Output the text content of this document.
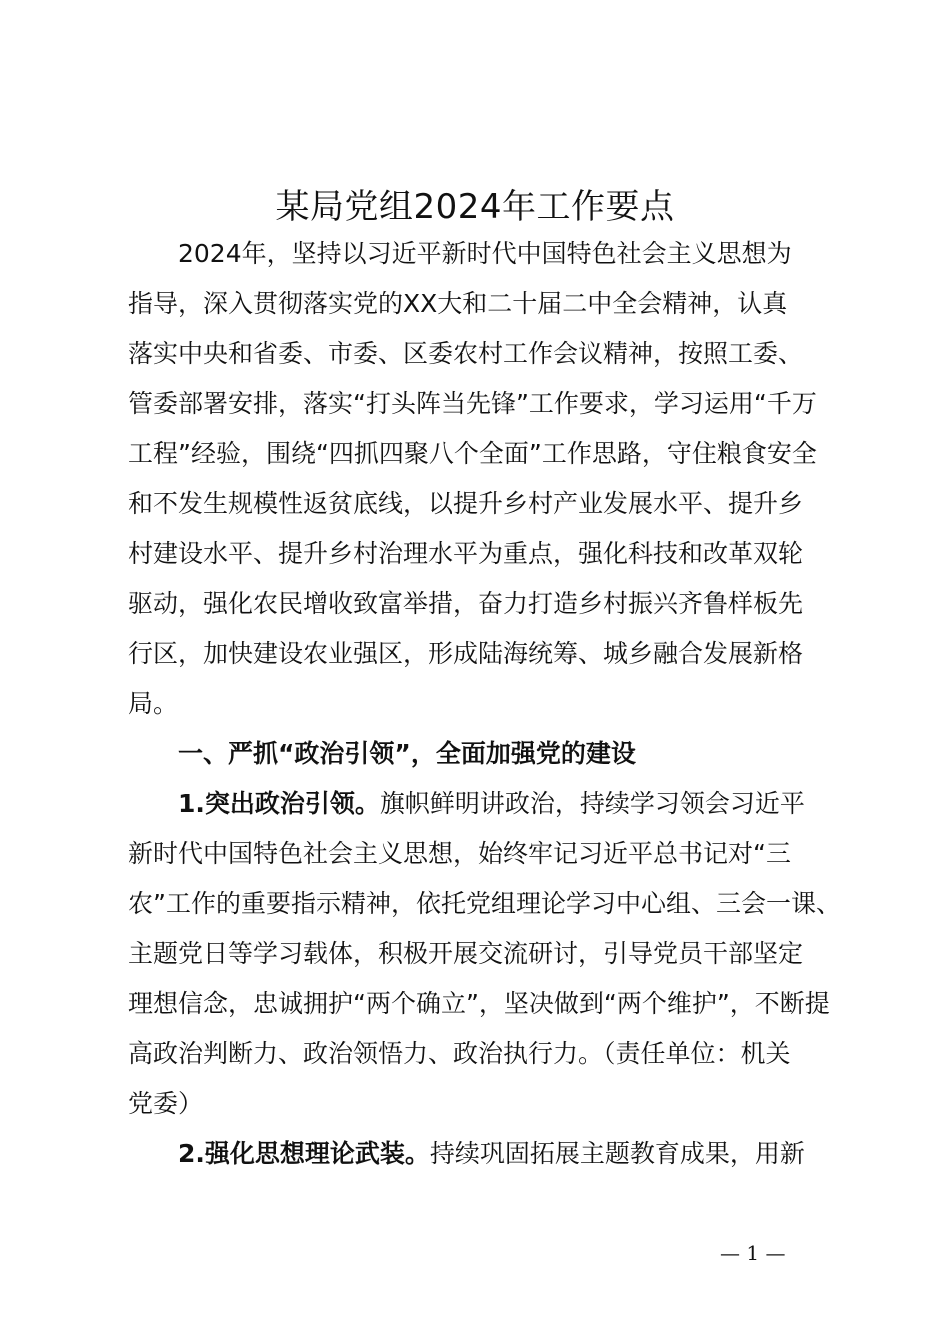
某局党组2024年工作要点
2024年，坚持以习近平新时代中国特色社会主义思想为
指导，深入贯彻落实党的XX大和二十届二中全会精神，认真
落实中央和省委、市委、区委农村工作会议精神，按照工委、
管委部署安排，落实“打头阵当先锋”工作要求，学习运用“千万
工程”经验，围绕“四抓四聚八个全面”工作思路，守住粮食安全
和不发生规模性返贫底线，以提升乡村产业发展水平、提升乡
村建设水平、提升乡村治理水平为重点，强化科技和改革双轮
驱动，强化农民增收致富举措，奋力打造乡村振兴齐鲁样板先
行区，加快建设农业强区，形成陆海统筹、城乡融合发展新格
局。
一、严抓“政治引领”，全面加强党的建设
1.突出政治引领。旗帜鲜明讲政治，持续学习领会习近平
新时代中国特色社会主义思想，始终牢记习近平总书记对“三
农”工作的重要指示精神，依托党组理论学习中心组、三会一课、
主题党日等学习载体，积极开展交流研讨，引导党员干部坚定
理想信念，忠诚拥护“两个确立”，坚决做到“两个维护”，不断提
高政治判断力、政治领悟力、政治执行力。（责任单位：机关
党委）
2.强化思想理论武装。持续巩固拓展主题教育成果，用新
— 1 —
